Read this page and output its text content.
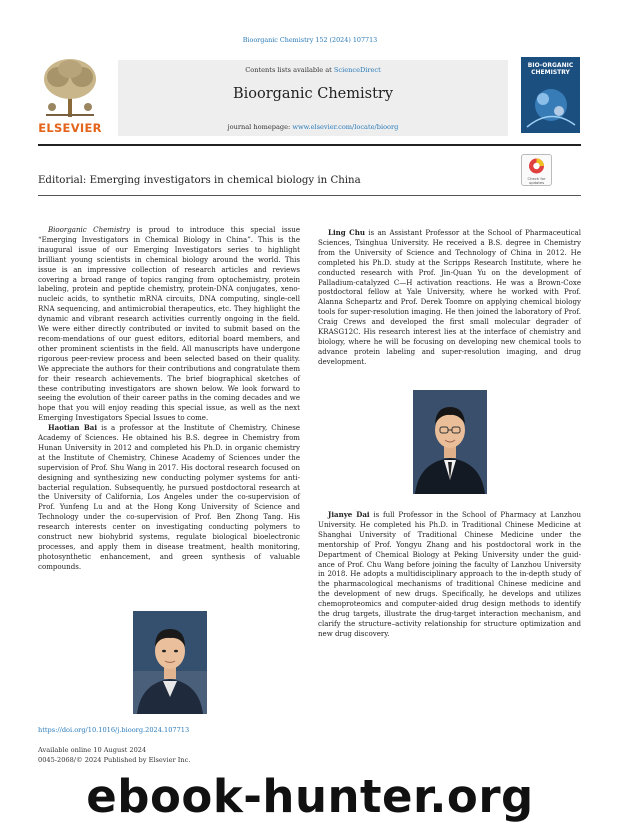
Bioorganic Chemistry 152 (2024) 107713
ELSEVIER
Contents lists available at ScienceDirect
Bioorganic Chemistry
journal homepage: www.elsevier.com/locate/bioorg
BIO-ORGANIC CHEMISTRY
Editorial: Emerging investigators in chemical biology in China	Check for updates

Bioorganic Chemistry is proud to introduce this special issue “Emerging Investigators in Chemical Biology in China”. This is the inaugural issue of our Emerging Investigators series to highlight brilliant young scientists in chemical biology around the world. This issue is an impressive collection of research articles and reviews covering a broad range of topics ranging from optochemistry, protein labeling, protein and peptide chemistry, protein-DNA conjugates, xeno-nucleic acids, to synthetic mRNA circuits, DNA computing, single-cell RNA sequencing, and antimicrobial therapeutics, etc. They highlight the dynamic and vibrant research activities currently ongoing in the field. We were either directly contributed or invited to submit based on the recom-mendations of our guest editors, editorial board members, and other prominent scientists in the field. All manuscripts have undergone rigorous peer-review process and been selected based on their quality. We appreciate the authors for their contributions and congratulate them for their research achievements. The brief biographical sketches of these contributing investigators are shown below. We look forward to seeing the evolution of their career paths in the coming decades and we hope that you will enjoy reading this special issue, as well as the next Emerging Investigators Special Issues to come.

Haotian Bai is a professor at the Institute of Chemistry, Chinese Academy of Sciences. He obtained his B.S. degree in Chemistry from Hunan University in 2012 and completed his Ph.D. in organic chemistry at the Institute of Chemistry, Chinese Academy of Sciences under the supervision of Prof. Shu Wang in 2017. His doctoral research focused on designing and synthesizing new conducting polymer systems for anti-bacterial regulation. Subsequently, he pursued postdoctoral research at the University of California, Los Angeles under the co-supervision of Prof. Yunfeng Lu and at the Hong Kong University of Science and Technology under the co-supervision of Prof. Ben Zhong Tang. His research interests center on investigating conducting polymers to construct new biohybrid systems, regulate biological bioelectronic processes, and apply them in disease treatment, health monitoring, photosynthetic enhancement, and green synthesis of valuable compounds.

Ling Chu is an Assistant Professor at the School of Pharmaceutical Sciences, Tsinghua University. He received a B.S. degree in Chemistry from the University of Science and Technology of China in 2012. He completed his Ph.D. study at the Scripps Research Institute, where he conducted research with Prof. Jin-Quan Yu on the development of Palladium-catalyzed C—H activation reactions. He was a Brown-Coxe postdoctoral fellow at Yale University, where he worked with Prof. Alanna Schepartz and Prof. Derek Toomre on applying chemical biology tools for super-resolution imaging. He then joined the laboratory of Prof. Craig Crews and developed the first small molecular degrader of KRASG12C. His research interest lies at the interface of chemistry and biology, where he will be focusing on developing new chemical tools to advance protein labeling and super-resolution imaging, and drug development.

Jianye Dai is full Professor in the School of Pharmacy at Lanzhou University. He completed his Ph.D. in Traditional Chinese Medicine at Shanghai University of Traditional Chinese Medicine under the mentorship of Prof. Yongyu Zhang and his postdoctoral work in the Department of Chemical Biology at Peking University under the guid-ance of Prof. Chu Wang before joining the faculty of Lanzhou University in 2018. He adopts a multidisciplinary approach to the in-depth study of the pharmacological mechanisms of traditional Chinese medicine and the development of new drugs. Specifically, he develops and utilizes chemoproteomics and computer-aided drug design methods to identify the drug targets, illustrate the drug-target interaction mechanism, and clarify the structure–activity relationship for structure optimization and new drug discovery.

https://doi.org/10.1016/j.bioorg.2024.107713
Available online 10 August 2024
0045-2068/© 2024 Published by Elsevier Inc.
ebook-hunter.org
